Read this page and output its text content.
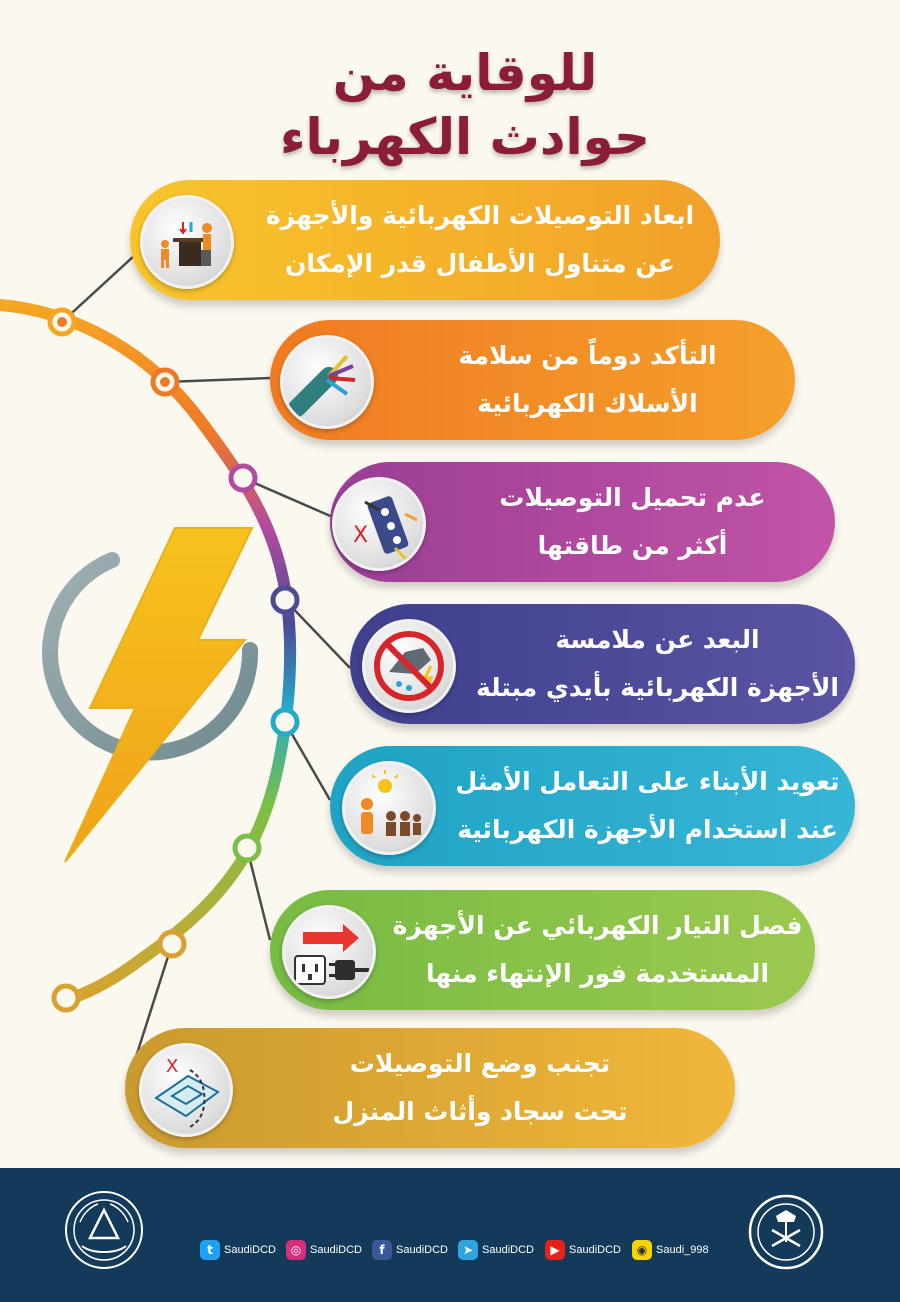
للوقاية من
حوادث الكهرباء
ابعاد التوصيلات الكهربائية والأجهزة
عن متناول الأطفال قدر الإمكان
التأكد دوماً من سلامة
الأسلاك الكهربائية
X
عدم تحميل التوصيلات
أكثر من طاقتها
البعد عن ملامسة
الأجهزة الكهربائية بأيدي مبتلة
تعويد الأبناء على التعامل الأمثل
عند استخدام الأجهزة الكهربائية
فصل التيار الكهربائي عن الأجهزة
المستخدمة فور الإنتهاء منها
X	تجنب وضع التوصيلات
تحت سجاد وأثاث المنزل
t	SaudiDCD	◎ SaudiDCD	f	SaudiDCD	➤ SaudiDCD	▶ SaudiDCD	◉ Saudi_998
